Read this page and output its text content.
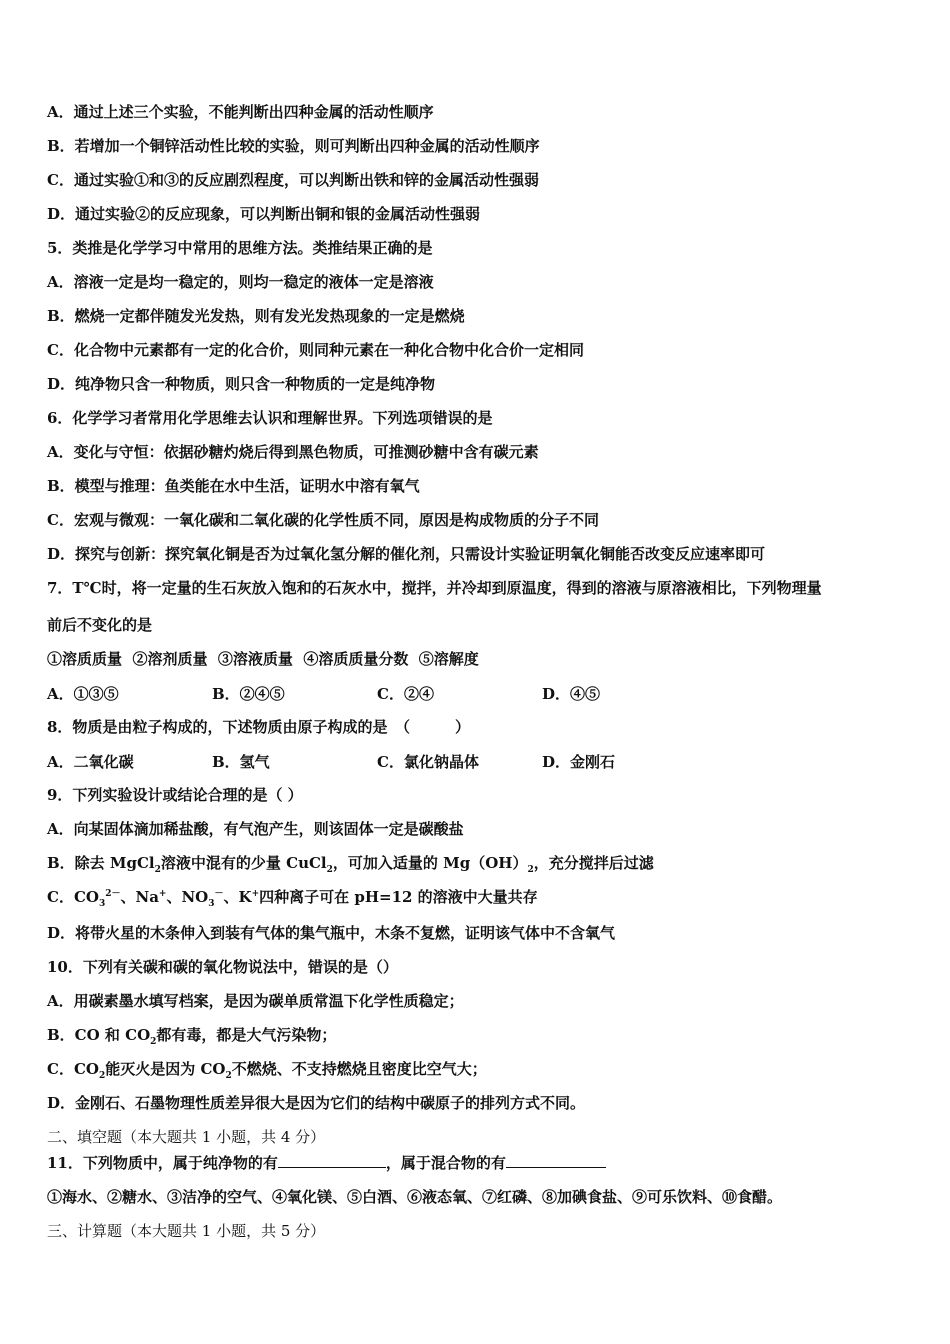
A．通过上述三个实验，不能判断出四种金属的活动性顺序
B．若增加一个铜锌活动性比较的实验，则可判断出四种金属的活动性顺序
C．通过实验①和③的反应剧烈程度，可以判断出铁和锌的金属活动性强弱
D．通过实验②的反应现象，可以判断出铜和银的金属活动性强弱
5．类推是化学学习中常用的思维方法。类推结果正确的是
A．溶液一定是均一稳定的，则均一稳定的液体一定是溶液
B．燃烧一定都伴随发光发热，则有发光发热现象的一定是燃烧
C．化合物中元素都有一定的化合价，则同种元素在一种化合物中化合价一定相同
D．纯净物只含一种物质，则只含一种物质的一定是纯净物
6．化学学习者常用化学思维去认识和理解世界。下列选项错误的是
A．变化与守恒：依据砂糖灼烧后得到黑色物质，可推测砂糖中含有碳元素
B．模型与推理：鱼类能在水中生活，证明水中溶有氧气
C．宏观与微观：一氧化碳和二氧化碳的化学性质不同，原因是构成物质的分子不同
D．探究与创新：探究氧化铜是否为过氧化氢分解的催化剂，只需设计实验证明氧化铜能否改变反应速率即可
7．T℃时，将一定量的生石灰放入饱和的石灰水中，搅拌，并冷却到原温度，得到的溶液与原溶液相比，下列物理量
前后不变化的是
①溶质质量  ②溶剂质量  ③溶液质量  ④溶质质量分数  ⑤溶解度
A．①③⑤	B．②④⑤	C．②④	D．④⑤
8．物质是由粒子构成的，下述物质由原子构成的是　（　　　）
A．二氧化碳	B．氢气	C．氯化钠晶体	D．金刚石
9．下列实验设计或结论合理的是（ ）
A．向某固体滴加稀盐酸，有气泡产生，则该固体一定是碳酸盐
B．除去 MgCl$_2$溶液中混有的少量 CuCl$_2$，可加入适量的 $Mg(OH)_2$，充分搅拌后过滤
C．$CO_3^{2-}$、Na+、$NO_3^-$、K+四种离子可在 pH=12 的溶液中大量共存
D．将带火星的木条伸入到装有气体的集气瓶中，木条不复燃，证明该气体中不含氧气
10．下列有关碳和碳的氧化物说法中，错误的是（）
A．用碳素墨水填写档案，是因为碳单质常温下化学性质稳定；
B．CO 和 $CO_2$都有毒，都是大气污染物；
C．$CO_2$能灭火是因为 $CO_2$不燃烧、不支持燃烧且密度比空气大；
D．金刚石、石墨物理性质差异很大是因为它们的结构中碳原子的排列方式不同。
二、填空题（本大题共 1 小题，共 4 分）
11．下列物质中，属于纯净物的有	，属于混合物的有
①海水、②糖水、③洁净的空气、④氧化镁、⑤白酒、⑥液态氧、⑦红磷、⑧加碘食盐、⑨可乐饮料、⑩食醋。
三、计算题（本大题共 1 小题，共 5 分）
